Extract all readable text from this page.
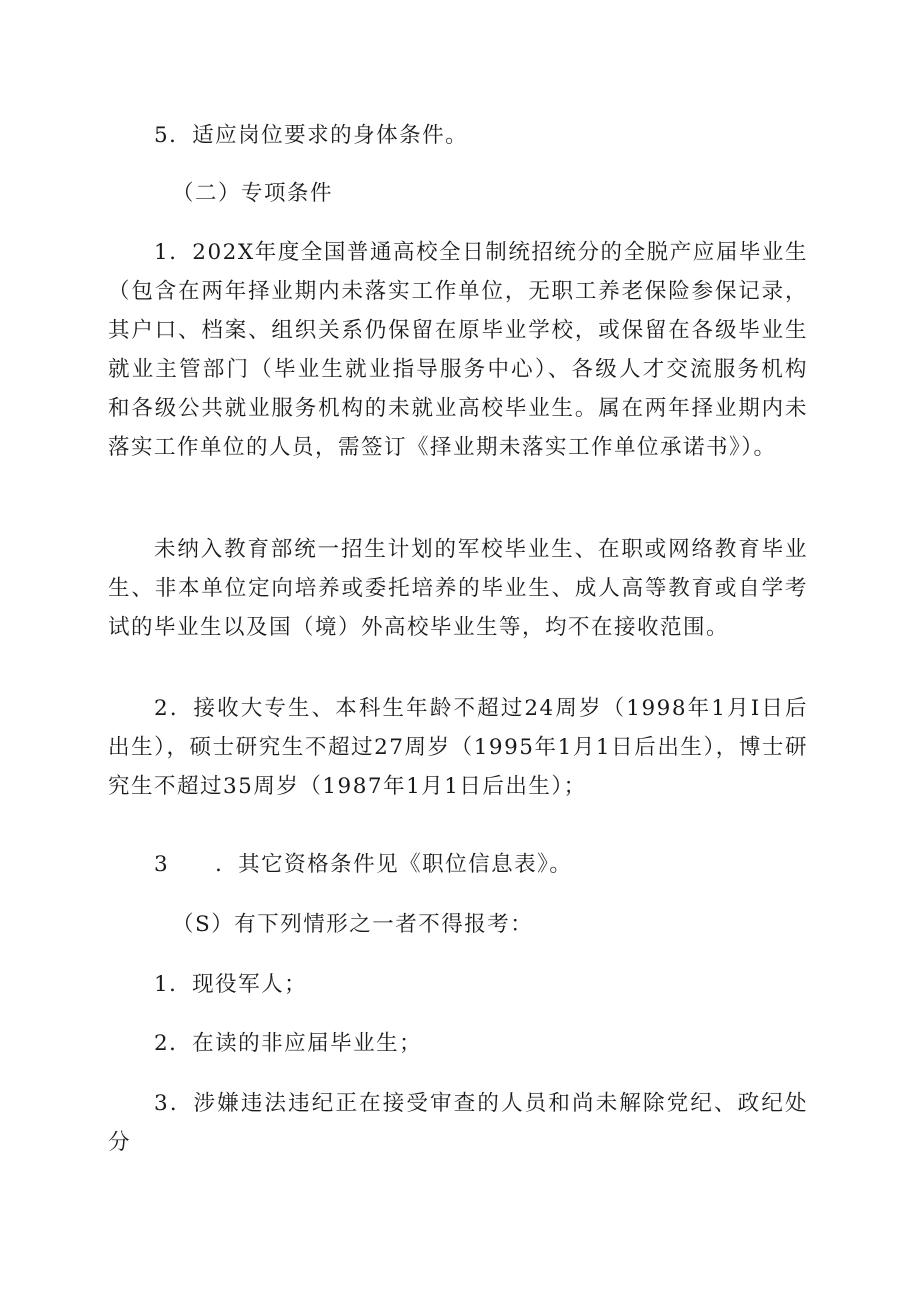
5．适应岗位要求的身体条件。

（二）专项条件

1．202X年度全国普通高校全日制统招统分的全脱产应届毕业生（包含在两年择业期内未落实工作单位，无职工养老保险参保记录，其户口、档案、组织关系仍保留在原毕业学校，或保留在各级毕业生就业主管部门（毕业生就业指导服务中心）、各级人才交流服务机构和各级公共就业服务机构的未就业高校毕业生。属在两年择业期内未落实工作单位的人员，需签订《择业期未落实工作单位承诺书》）。

未纳入教育部统一招生计划的军校毕业生、在职或网络教育毕业生、非本单位定向培养或委托培养的毕业生、成人高等教育或自学考试的毕业生以及国（境）外高校毕业生等，均不在接收范围。

2．接收大专生、本科生年龄不超过24周岁（1998年1月I日后出生），硕士研究生不超过27周岁（1995年1月1日后出生），博士研究生不超过35周岁（1987年1月1日后出生）；

3　　．其它资格条件见《职位信息表》。

（S）有下列情形之一者不得报考：

1．现役军人；

2．在读的非应届毕业生；

3．涉嫌违法违纪正在接受审查的人员和尚未解除党纪、政纪处分
